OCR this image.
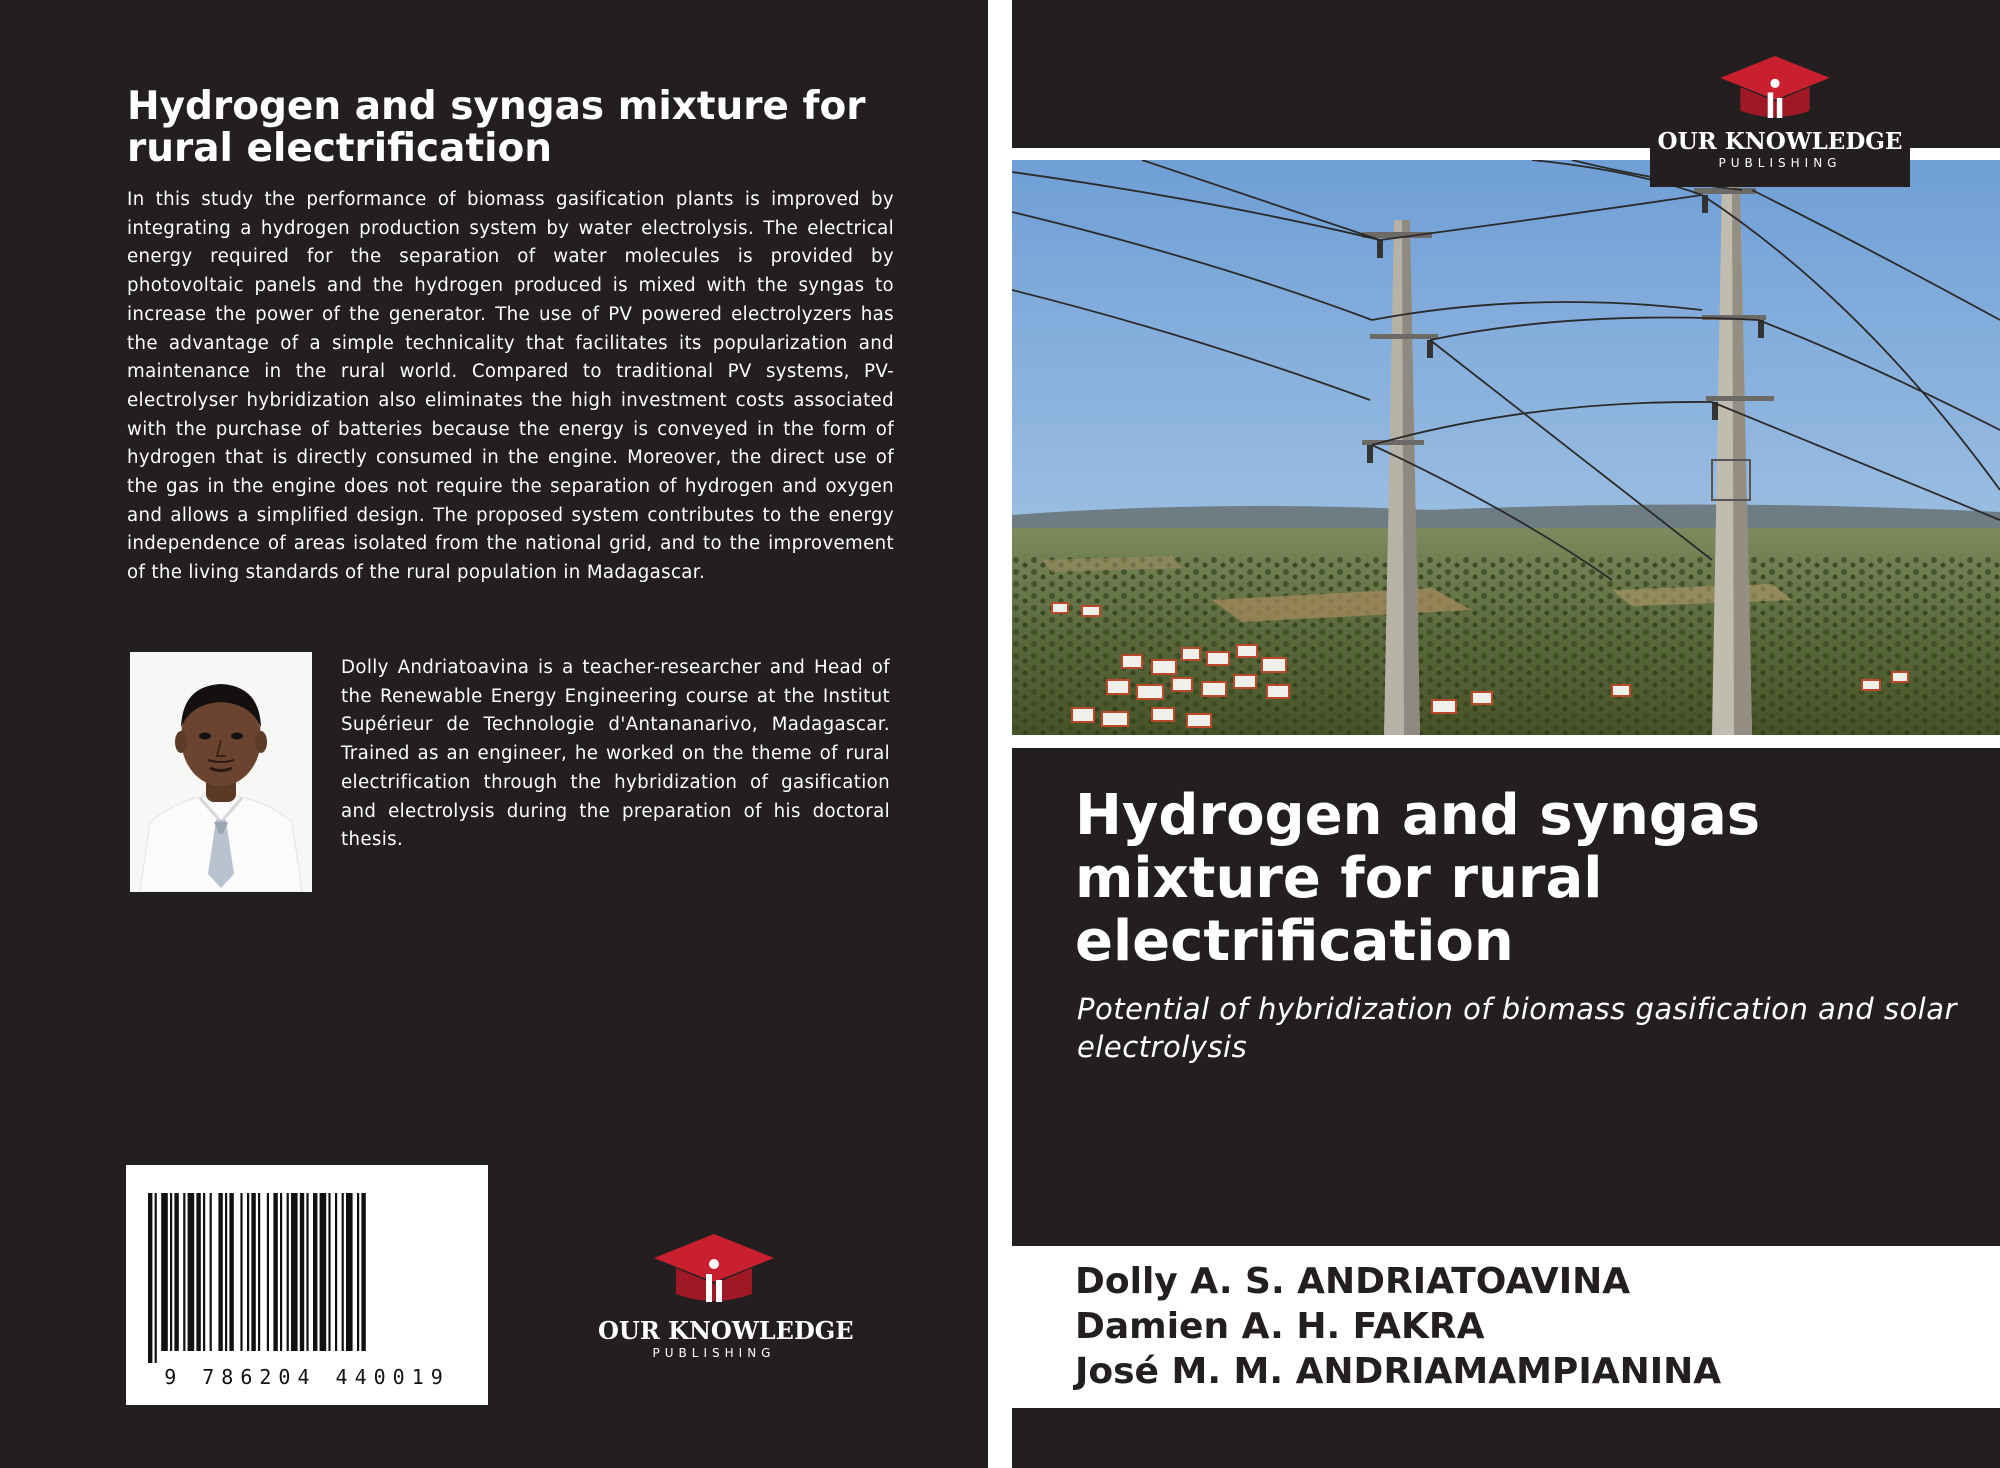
Hydrogen and syngas mixture for rural electrification
In this study the performance of biomass gasification plants is improved by integrating a hydrogen production system by water electrolysis. The electrical energy required for the separation of water molecules is provided by photovoltaic panels and the hydrogen produced is mixed with the syngas to increase the power of the generator. The use of PV powered electrolyzers has the advantage of a simple technicality that facilitates its popularization and maintenance in the rural world. Compared to traditional PV systems, PV-electrolyser hybridization also eliminates the high investment costs associated with the purchase of batteries because the energy is conveyed in the form of hydrogen that is directly consumed in the engine. Moreover, the direct use of the gas in the engine does not require the separation of hydrogen and oxygen and allows a simplified design. The proposed system contributes to the energy independence of areas isolated from the national grid, and to the improvement of the living standards of the rural population in Madagascar.
Dolly Andriatoavina is a teacher-researcher and Head of the Renewable Energy Engineering course at the Institut Supérieur de Technologie d'Antananarivo, Madagascar. Trained as an engineer, he worked on the theme of rural electrification through the hybridization of gasification and electrolysis during the preparation of his doctoral thesis.
9 786204 440019
OUR KNOWLEDGE
PUBLISHING
OUR KNOWLEDGE
PUBLISHING
Hydrogen and syngas mixture for rural electrification
Potential of hybridization of biomass gasification and solar electrolysis
Dolly A. S. ANDRIATOAVINA
Damien A. H. FAKRA
José M. M. ANDRIAMAMPIANINA
